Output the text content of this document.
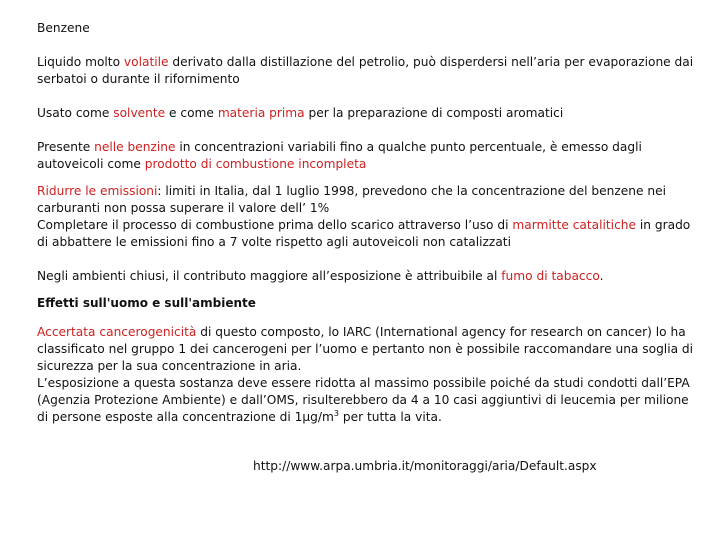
Benzene

Liquido molto volatile derivato dalla distillazione del petrolio, può disperdersi nell’aria per evaporazione dai serbatoi o durante il rifornimento

Usato come solvente e come materia prima per la preparazione di composti aromatici

Presente nelle benzine in concentrazioni variabili fino a qualche punto percentuale, è emesso dagli autoveicoli come prodotto di combustione incompleta

Ridurre le emissioni: limiti in Italia, dal 1 luglio 1998, prevedono che la concentrazione del benzene nei carburanti non possa superare il valore dell’ 1%
Completare il processo di combustione prima dello scarico attraverso l’uso di marmitte catalitiche in grado di abbattere le emissioni fino a 7 volte rispetto agli autoveicoli non catalizzati

Negli ambienti chiusi, il contributo maggiore all’esposizione è attribuibile al fumo di tabacco.

Effetti sull'uomo e sull'ambiente

Accertata cancerogenicità di questo composto, lo IARC (International agency for research on cancer) lo ha classificato nel gruppo 1 dei cancerogeni per l’uomo e pertanto non è possibile raccomandare una soglia di sicurezza per la sua concentrazione in aria.
L’esposizione a questa sostanza deve essere ridotta al massimo possibile poiché da studi condotti dall’EPA (Agenzia Protezione Ambiente) e dall’OMS, risulterebbero da 4 a 10 casi aggiuntivi di leucemia per milione di persone esposte alla concentrazione di $1\mu g/m^3$ per tutta la vita.

http://www.arpa.umbria.it/monitoraggi/aria/Default.aspx
